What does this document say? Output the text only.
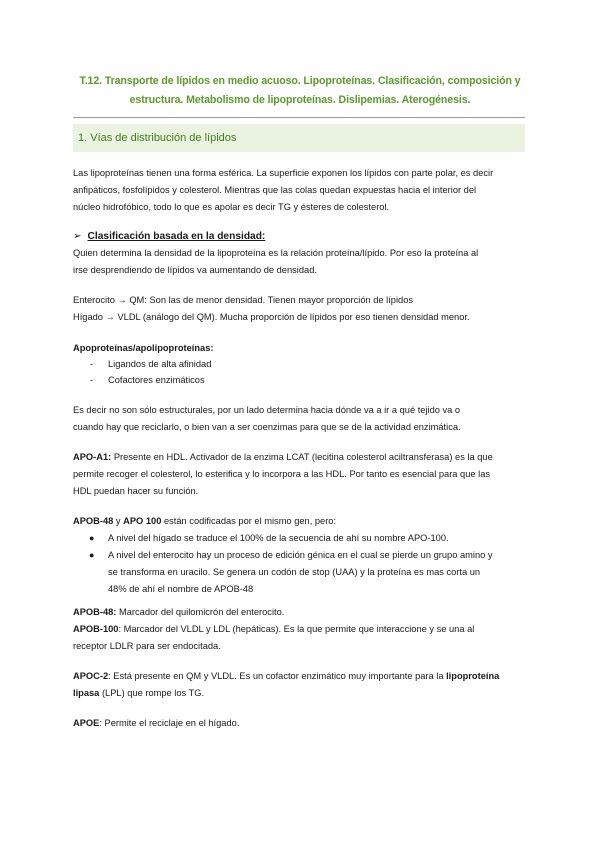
T.12. Transporte de lípidos en medio acuoso. Lipoproteínas. Clasificación, composición y
estructura. Metabolismo de lipoproteínas. Dislipemias. Aterogénesis.
1. Vías de distribución de lípidos
Las lipoproteínas tienen una forma esférica. La superficie exponen los lípidos con parte polar, es decir
anfipáticos, fosfolípidos y colesterol. Mientras que las colas quedan expuestas hacia el interior del
núcleo hidrofóbico, todo lo que es apolar es decir TG y ésteres de colesterol.
➢ Clasificación basada en la densidad:
Quien determina la densidad de la lipoproteína es la relación proteína/lípido. Por eso la proteína al
irse desprendiendo de lípidos va aumentando de densidad.
Enterocito → QM: Son las de menor densidad. Tienen mayor proporción de lípidos
Hígado → VLDL (análogo del QM). Mucha proporción de lípidos por eso tienen densidad menor.
Apoproteínas/apolipoproteínas:
- Ligandos de alta afinidad
- Cofactores enzimáticos
Es decir no son sólo estructurales, por un lado determina hacia dónde va a ir a qué tejido va o
cuando hay que reciclarlo, o bien van a ser coenzimas para que se de la actividad enzimática.
APO-A1: Presente en HDL. Activador de la enzima LCAT (lecitina colesterol aciltransferasa) es la que
permite recoger el colesterol, lo esterifica y lo incorpora a las HDL. Por tanto es esencial para que las
HDL puedan hacer su función.
APOB-48 y APO 100 están codificadas por el mismo gen, pero:
● A nivel del hígado se traduce el 100% de la secuencia de ahí su nombre APO-100.
● A nivel del enterocito hay un proceso de edición génica en el cual se pierde un grupo amino y
se transforma en uracilo. Se genera un codón de stop (UAA) y la proteína es mas corta un
48% de ahí el nombre de APOB-48
APOB-48: Marcador del quilomicrón del enterocito.
APOB-100: Marcador del VLDL y LDL (hepáticas). Es la que permite que interaccione y se una al
receptor LDLR para ser endocitada.
APOC-2: Está presente en QM y VLDL. Es un cofactor enzimático muy importante para la lipoproteína
lipasa (LPL) que rompe los TG.
APOE: Permite el reciclaje en el hígado.
